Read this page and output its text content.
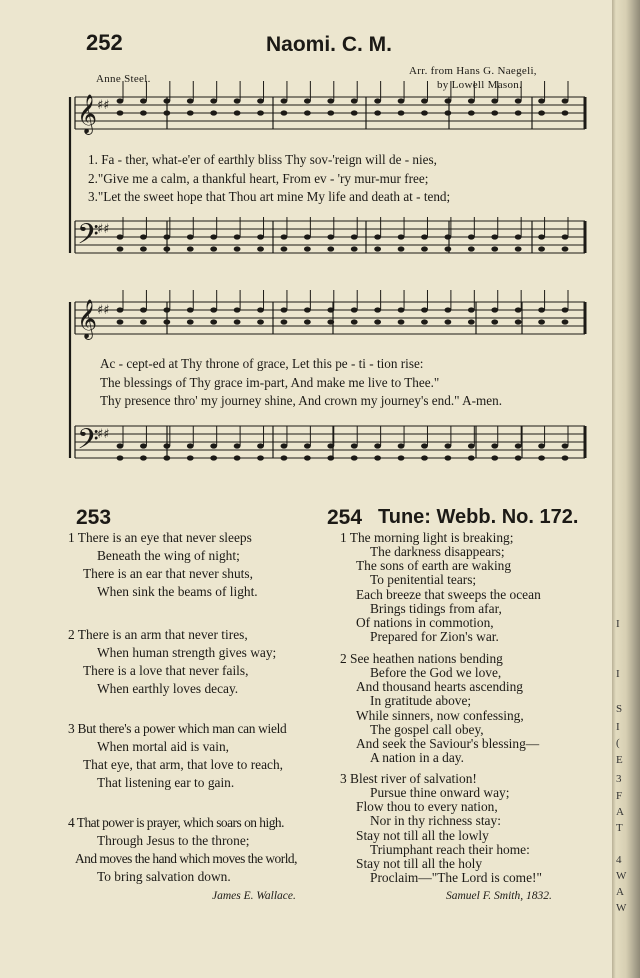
𝄞 ♯♯
𝄢
♯♯
𝄞 ♯♯
𝄢
♯♯
252	Naomi. C. M.
Anne Steel.
Arr. from Hans G. Naegeli,
by Lowell Mason.
1. Fa - ther, what-e'er of earthly bliss Thy sov-'reign will de - nies,
2."Give me a calm, a thankful heart, From ev - 'ry mur-mur free;
3."Let the sweet hope that Thou art mine My life and death at - tend;
Ac - cept-ed at Thy throne of grace, Let this pe - ti - tion rise:
The blessings of Thy grace im-part, And make me live to Thee."
Thy presence thro' my journey shine, And crown my journey's end." A-men.
253
1 There is an eye that never sleeps
Beneath the wing of night;
There is an ear that never shuts,
When sink the beams of light.
2 There is an arm that never tires,
When human strength gives way;
There is a love that never fails,
When earthly loves decay.
3 But there's a power which man can wield
When mortal aid is vain,
That eye, that arm, that love to reach,
That listening ear to gain.
4 That power is prayer, which soars on high.
Through Jesus to the throne;
And moves the hand which moves the world,
To bring salvation down.
James E. Wallace.
254 Tune: Webb. No. 172.
1 The morning light is breaking;
The darkness disappears;
The sons of earth are waking
To penitential tears;
Each breeze that sweeps the ocean
Brings tidings from afar,
Of nations in commotion,
Prepared for Zion's war.
2 See heathen nations bending
Before the God we love,
And thousand hearts ascending
In gratitude above;
While sinners, now confessing,
The gospel call obey,
And seek the Saviour's blessing—
A nation in a day.
3 Blest river of salvation!
Pursue thine onward way;
Flow thou to every nation,
Nor in thy richness stay:
Stay not till all the lowly
Triumphant reach their home:
Stay not till all the holy
Proclaim—"The Lord is come!"
Samuel F. Smith, 1832.
I
I
S
I
(
E
3
F
A
T
4
W
A
W
